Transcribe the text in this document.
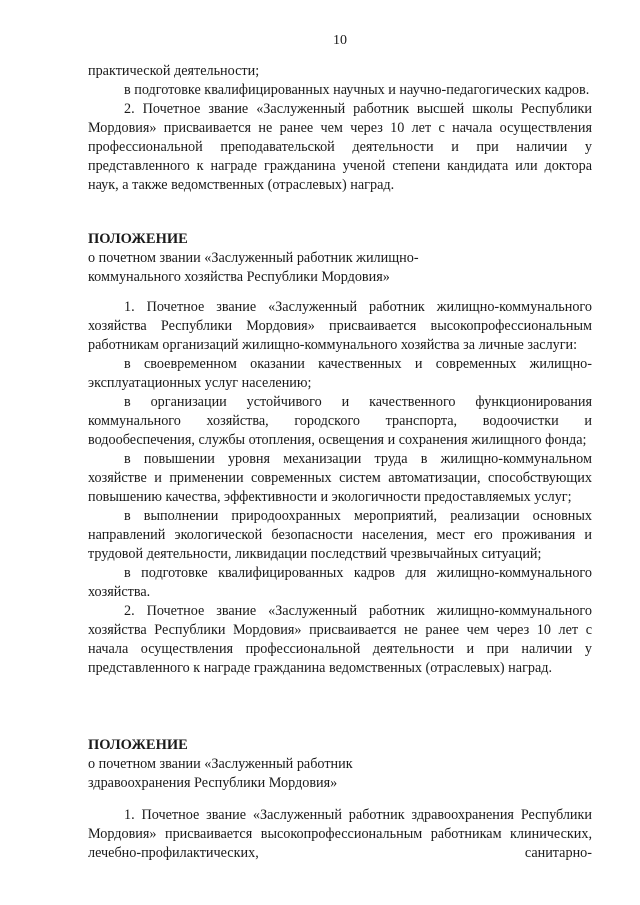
10

практической деятельности;

в подготовке квалифицированных научных и научно-педагогических кадров.

2. Почетное звание «Заслуженный работник высшей школы Республики Мордовия» присваивается не ранее чем через 10 лет с начала осуществления профессиональной преподавательской деятельности и при наличии у представленного к награде гражданина ученой степени кандидата или доктора наук, а также ведомственных (отраслевых) наград.

ПОЛОЖЕНИЕ

о почетном звании «Заслуженный работник жилищно-

коммунального хозяйства Республики Мордовия»

1. Почетное звание «Заслуженный работник жилищно-коммунального хозяйства Республики Мордовия» присваивается высокопрофессиональным работникам организаций жилищно-коммунального хозяйства за личные заслуги:

в своевременном оказании качественных и современных жилищно-эксплуатационных услуг населению;

в организации устойчивого и качественного функционирования коммунального хозяйства, городского транспорта, водоочистки и водообеспечения, службы отопления, освещения и сохранения жилищного фонда;

в повышении уровня механизации труда в жилищно-коммунальном хозяйстве и применении современных систем автоматизации, способствующих повышению качества, эффективности и экологичности предоставляемых услуг;

в выполнении природоохранных мероприятий, реализации основных направлений экологической безопасности населения, мест его проживания и трудовой деятельности, ликвидации последствий чрезвычайных ситуаций;

в подготовке квалифицированных кадров для жилищно-коммунального хозяйства.

2. Почетное звание «Заслуженный работник жилищно-коммунального хозяйства Республики Мордовия» присваивается не ранее чем через 10 лет с начала осуществления профессиональной деятельности и при наличии у представленного к награде гражданина ведомственных (отраслевых) наград.

ПОЛОЖЕНИЕ

о почетном звании «Заслуженный работник

здравоохранения Республики Мордовия»

1. Почетное звание «Заслуженный работник здравоохранения Республики Мордовия» присваивается высокопрофессиональным работникам клинических, лечебно-профилактических, санитарно-
